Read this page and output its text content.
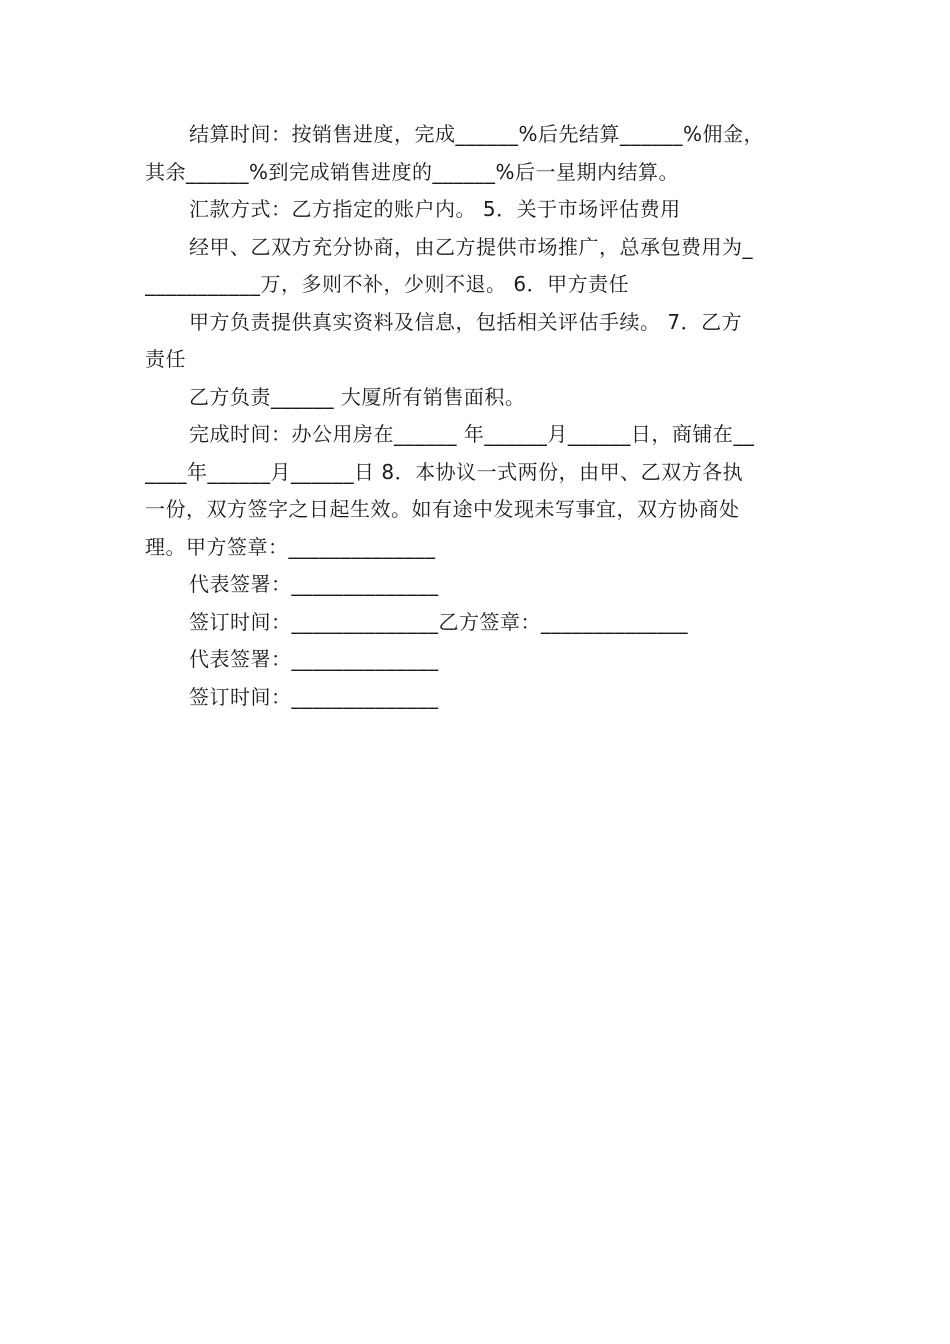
结算时间：按销售进度，完成______%后先结算______%佣金，
其余______%到完成销售进度的______%后一星期内结算。
汇款方式：乙方指定的账户内。 5．关于市场评估费用
经甲、乙双方充分协商，由乙方提供市场推广，总承包费用为_
___________万，多则不补，少则不退。 6．甲方责任
甲方负责提供真实资料及信息，包括相关评估手续。 7．乙方
责任
乙方负责______ 大厦所有销售面积。
完成时间：办公用房在______ 年______月______日，商铺在__
____年______月______日 8．本协议一式两份，由甲、乙双方各执
一份，双方签字之日起生效。如有途中发现未写事宜，双方协商处
理。甲方签章：______________
代表签署：______________
签订时间：______________乙方签章：______________
代表签署：______________
签订时间：______________
